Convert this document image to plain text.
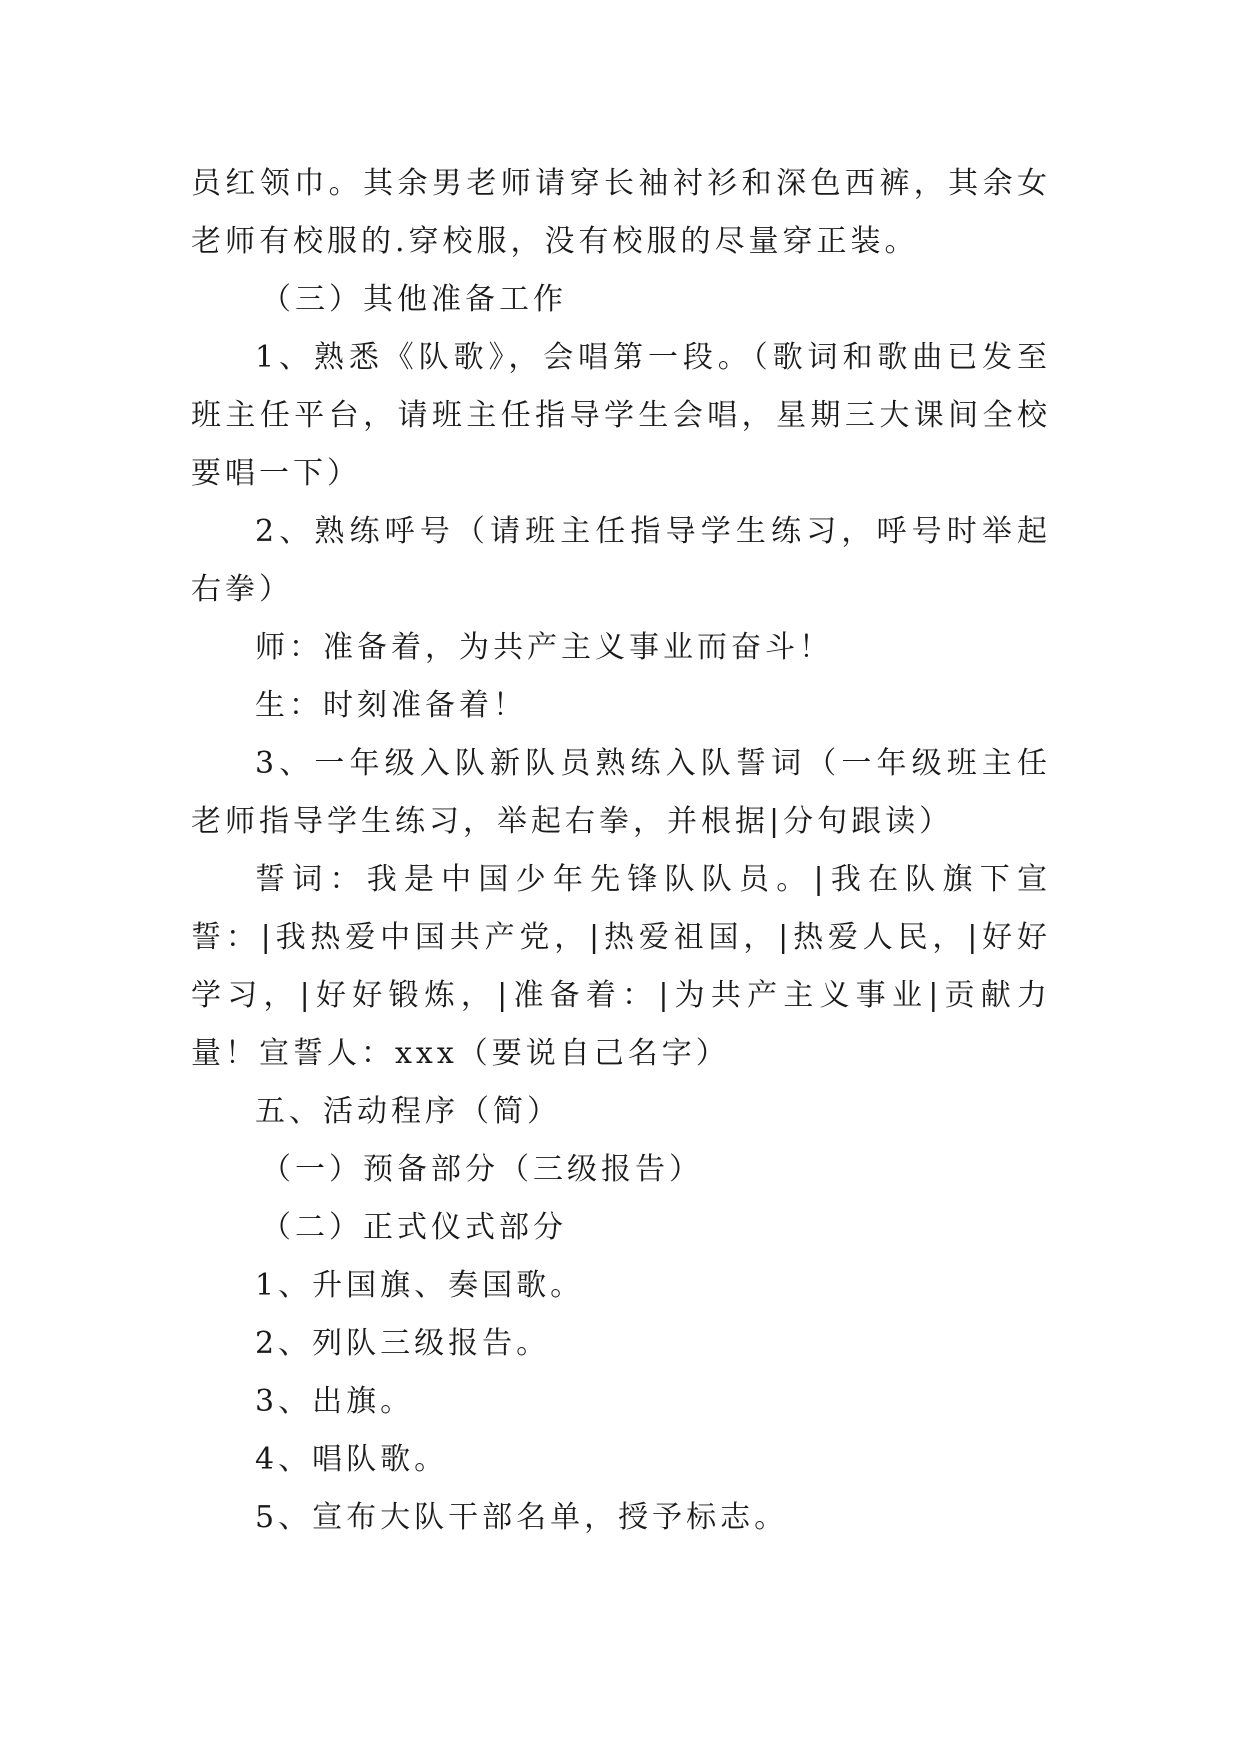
员红领巾。其余男老师请穿长袖衬衫和深色西裤，其余女老师有校服的.穿校服，没有校服的尽量穿正装。

（三）其他准备工作

1、熟悉《队歌》，会唱第一段。（歌词和歌曲已发至班主任平台，请班主任指导学生会唱，星期三大课间全校要唱一下）

2、熟练呼号（请班主任指导学生练习，呼号时举起右拳）

师：准备着，为共产主义事业而奋斗！

生：时刻准备着！

3、一年级入队新队员熟练入队誓词（一年级班主任老师指导学生练习，举起右拳，并根据|分句跟读）

誓词：我是中国少年先锋队队员。|我在队旗下宣誓：|我热爱中国共产党，|热爱祖国，|热爱人民，|好好学习，|好好锻炼，|准备着：|为共产主义事业|贡献力量！宣誓人：xxx（要说自己名字）

五、活动程序（简）

（一）预备部分（三级报告）

（二）正式仪式部分

1、升国旗、奏国歌。

2、列队三级报告。

3、出旗。

4、唱队歌。

5、宣布大队干部名单，授予标志。
